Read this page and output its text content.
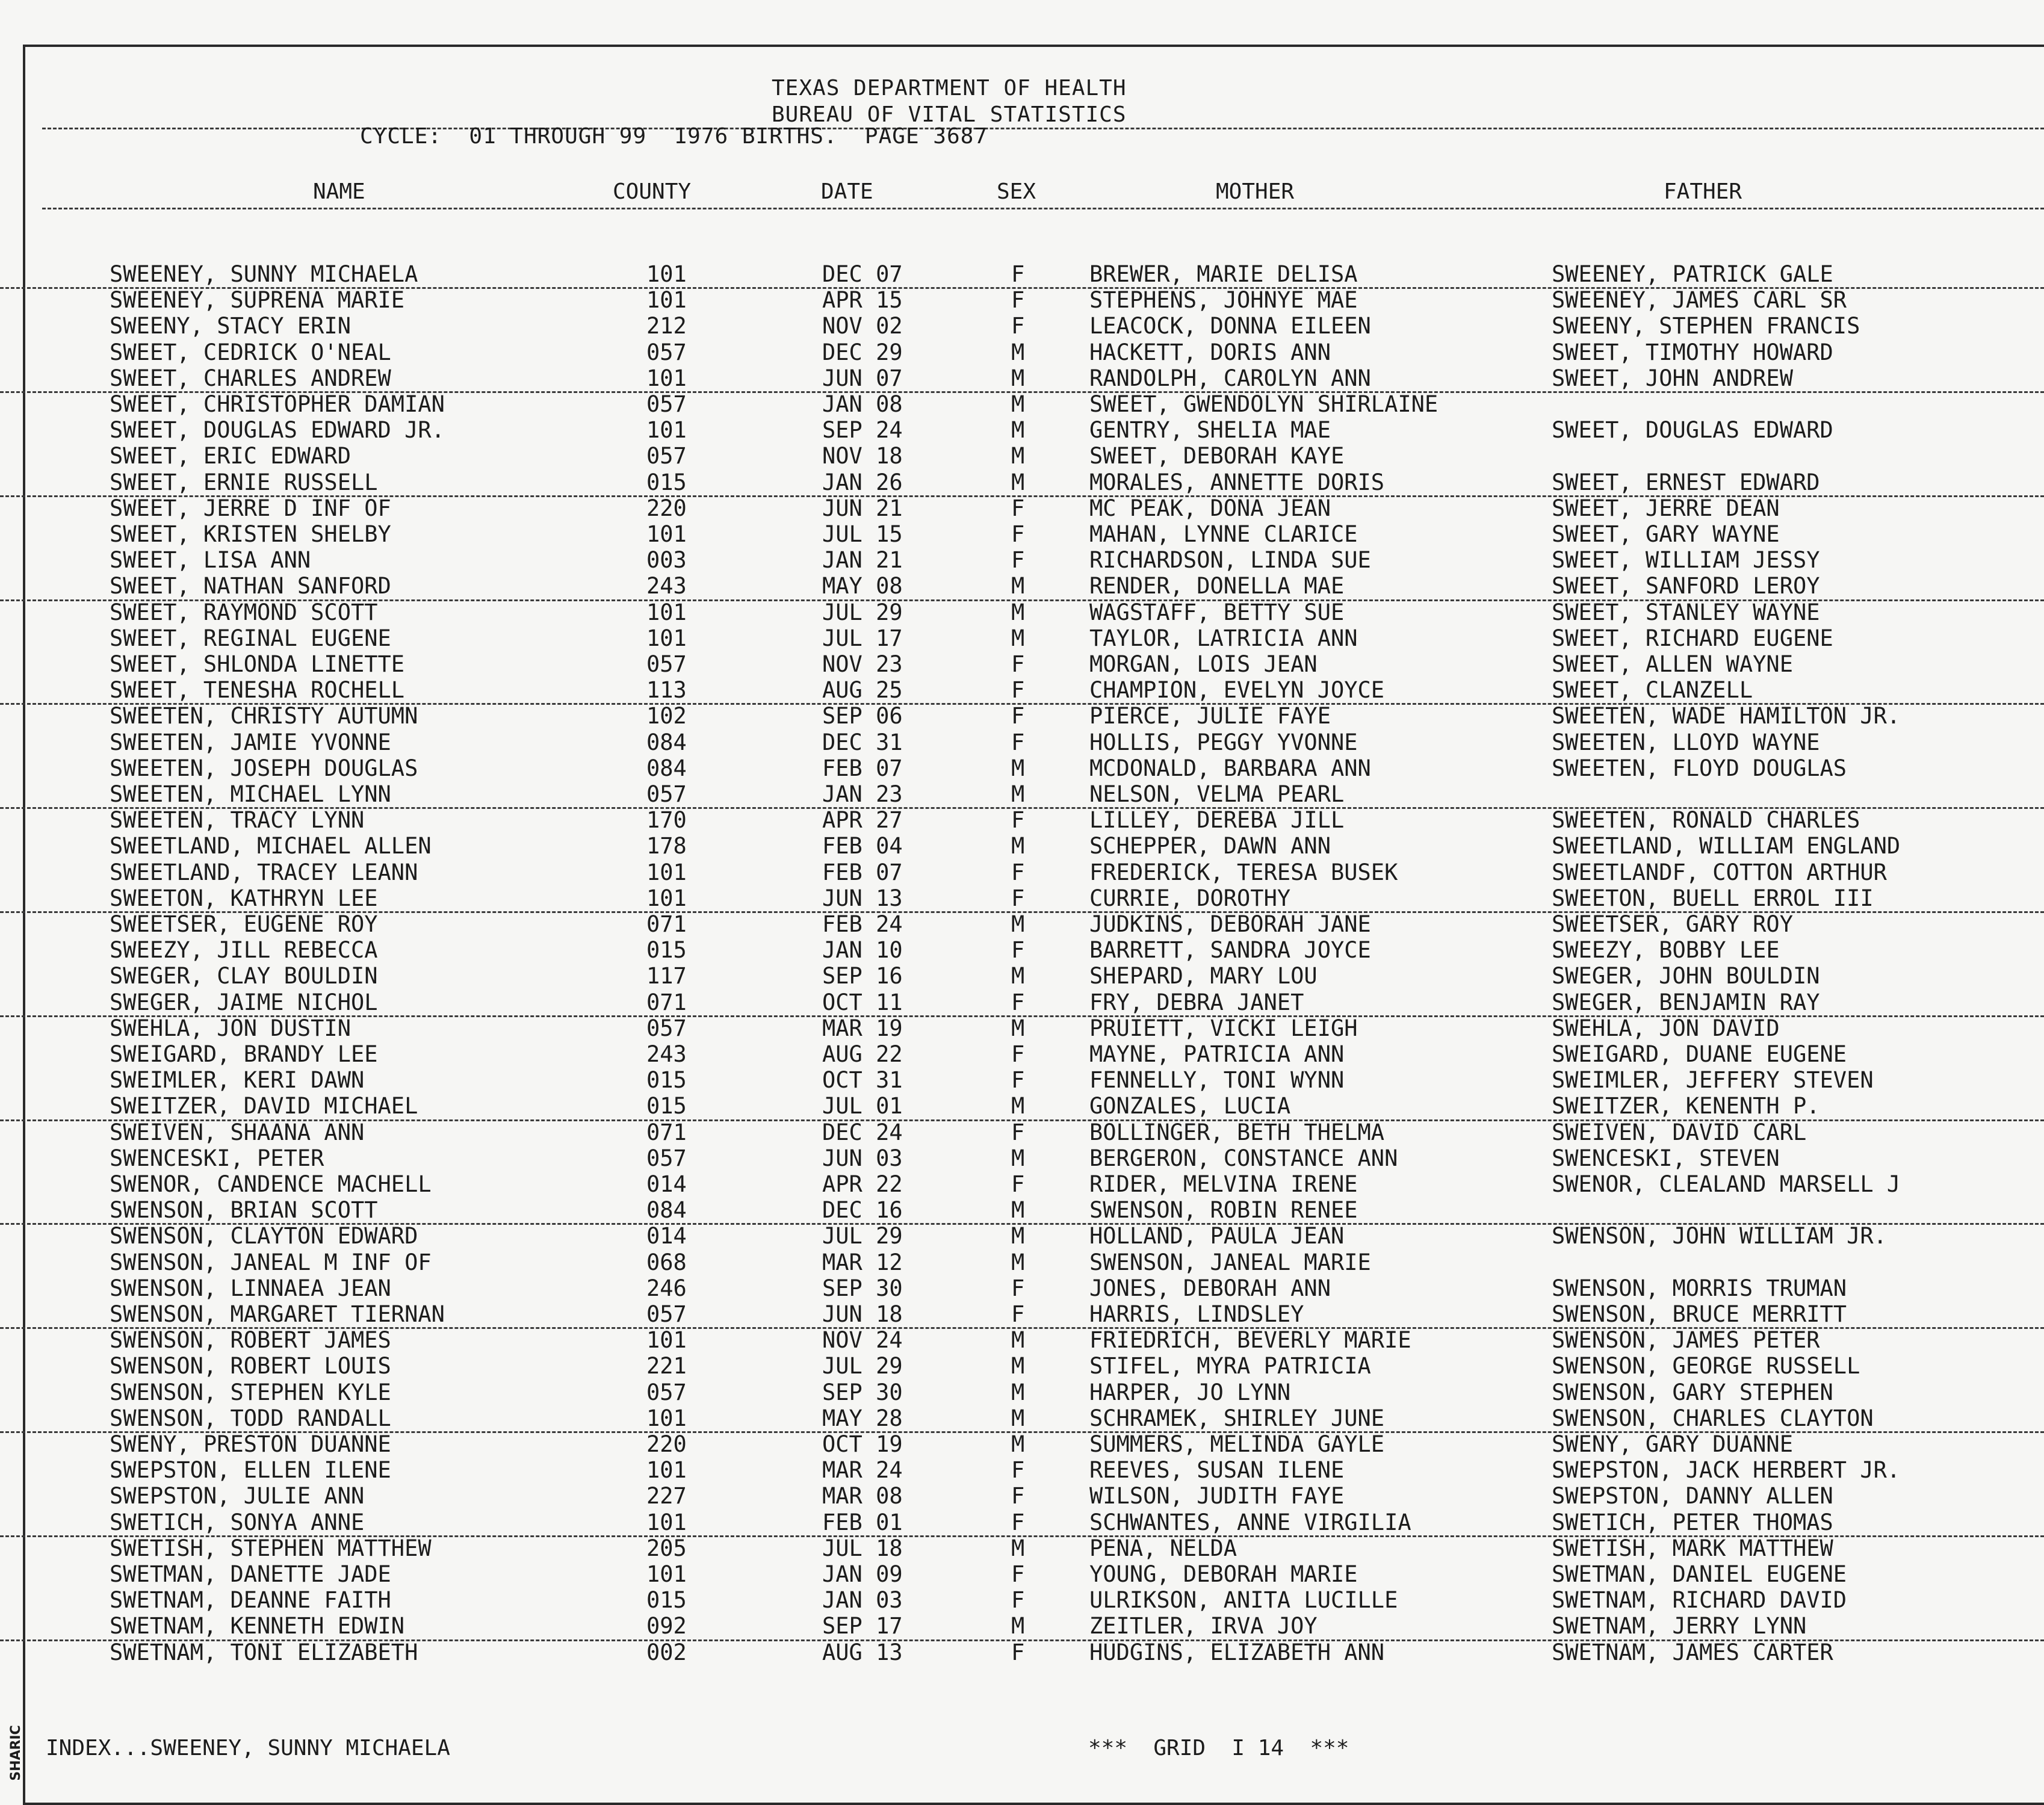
TEXAS DEPARTMENT OF HEALTH
BUREAU OF VITAL STATISTICS
CYCLE:  01 THROUGH 99  1976 BIRTHS.  PAGE 3687
NAME	COUNTY	DATE	SEX	MOTHER	FATHER
SWEENEY, SUNNY MICHAELA	101	DEC 07	F	BREWER, MARIE DELISA	SWEENEY, PATRICK GALE
SWEENEY, SUPRENA MARIE	101	APR 15	F	STEPHENS, JOHNYE MAE	SWEENEY, JAMES CARL SR
SWEENY, STACY ERIN	212	NOV 02	F	LEACOCK, DONNA EILEEN	SWEENY, STEPHEN FRANCIS
SWEET, CEDRICK O'NEAL	057	DEC 29	M	HACKETT, DORIS ANN	SWEET, TIMOTHY HOWARD
SWEET, CHARLES ANDREW	101	JUN 07	M	RANDOLPH, CAROLYN ANN	SWEET, JOHN ANDREW
SWEET, CHRISTOPHER DAMIAN	057	JAN 08	M	SWEET, GWENDOLYN SHIRLAINE
SWEET, DOUGLAS EDWARD JR.	101	SEP 24	M	GENTRY, SHELIA MAE	SWEET, DOUGLAS EDWARD
SWEET, ERIC EDWARD	057	NOV 18	M	SWEET, DEBORAH KAYE
SWEET, ERNIE RUSSELL	015	JAN 26	M	MORALES, ANNETTE DORIS	SWEET, ERNEST EDWARD
SWEET, JERRE D INF OF	220	JUN 21	F	MC PEAK, DONA JEAN	SWEET, JERRE DEAN
SWEET, KRISTEN SHELBY	101	JUL 15	F	MAHAN, LYNNE CLARICE	SWEET, GARY WAYNE
SWEET, LISA ANN	003	JAN 21	F	RICHARDSON, LINDA SUE	SWEET, WILLIAM JESSY
SWEET, NATHAN SANFORD	243	MAY 08	M	RENDER, DONELLA MAE	SWEET, SANFORD LEROY
SWEET, RAYMOND SCOTT	101	JUL 29	M	WAGSTAFF, BETTY SUE	SWEET, STANLEY WAYNE
SWEET, REGINAL EUGENE	101	JUL 17	M	TAYLOR, LATRICIA ANN	SWEET, RICHARD EUGENE
SWEET, SHLONDA LINETTE	057	NOV 23	F	MORGAN, LOIS JEAN	SWEET, ALLEN WAYNE
SWEET, TENESHA ROCHELL	113	AUG 25	F	CHAMPION, EVELYN JOYCE	SWEET, CLANZELL
SWEETEN, CHRISTY AUTUMN	102	SEP 06	F	PIERCE, JULIE FAYE	SWEETEN, WADE HAMILTON JR.
SWEETEN, JAMIE YVONNE	084	DEC 31	F	HOLLIS, PEGGY YVONNE	SWEETEN, LLOYD WAYNE
SWEETEN, JOSEPH DOUGLAS	084	FEB 07	M	MCDONALD, BARBARA ANN	SWEETEN, FLOYD DOUGLAS
SWEETEN, MICHAEL LYNN	057	JAN 23	M	NELSON, VELMA PEARL
SWEETEN, TRACY LYNN	170	APR 27	F	LILLEY, DEREBA JILL	SWEETEN, RONALD CHARLES
SWEETLAND, MICHAEL ALLEN	178	FEB 04	M	SCHEPPER, DAWN ANN	SWEETLAND, WILLIAM ENGLAND
SWEETLAND, TRACEY LEANN	101	FEB 07	F	FREDERICK, TERESA BUSEK	SWEETLANDF, COTTON ARTHUR
SWEETON, KATHRYN LEE	101	JUN 13	F	CURRIE, DOROTHY	SWEETON, BUELL ERROL III
SWEETSER, EUGENE ROY	071	FEB 24	M	JUDKINS, DEBORAH JANE	SWEETSER, GARY ROY
SWEEZY, JILL REBECCA	015	JAN 10	F	BARRETT, SANDRA JOYCE	SWEEZY, BOBBY LEE
SWEGER, CLAY BOULDIN	117	SEP 16	M	SHEPARD, MARY LOU	SWEGER, JOHN BOULDIN
SWEGER, JAIME NICHOL	071	OCT 11	F	FRY, DEBRA JANET	SWEGER, BENJAMIN RAY
SWEHLA, JON DUSTIN	057	MAR 19	M	PRUIETT, VICKI LEIGH	SWEHLA, JON DAVID
SWEIGARD, BRANDY LEE	243	AUG 22	F	MAYNE, PATRICIA ANN	SWEIGARD, DUANE EUGENE
SWEIMLER, KERI DAWN	015	OCT 31	F	FENNELLY, TONI WYNN	SWEIMLER, JEFFERY STEVEN
SWEITZER, DAVID MICHAEL	015	JUL 01	M	GONZALES, LUCIA	SWEITZER, KENENTH P.
SWEIVEN, SHAANA ANN	071	DEC 24	F	BOLLINGER, BETH THELMA	SWEIVEN, DAVID CARL
SWENCESKI, PETER	057	JUN 03	M	BERGERON, CONSTANCE ANN	SWENCESKI, STEVEN
SWENOR, CANDENCE MACHELL	014	APR 22	F	RIDER, MELVINA IRENE	SWENOR, CLEALAND MARSELL J
SWENSON, BRIAN SCOTT	084	DEC 16	M	SWENSON, ROBIN RENEE
SWENSON, CLAYTON EDWARD	014	JUL 29	M	HOLLAND, PAULA JEAN	SWENSON, JOHN WILLIAM JR.
SWENSON, JANEAL M INF OF	068	MAR 12	M	SWENSON, JANEAL MARIE
SWENSON, LINNAEA JEAN	246	SEP 30	F	JONES, DEBORAH ANN	SWENSON, MORRIS TRUMAN
SWENSON, MARGARET TIERNAN	057	JUN 18	F	HARRIS, LINDSLEY	SWENSON, BRUCE MERRITT
SWENSON, ROBERT JAMES	101	NOV 24	M	FRIEDRICH, BEVERLY MARIE	SWENSON, JAMES PETER
SWENSON, ROBERT LOUIS	221	JUL 29	M	STIFEL, MYRA PATRICIA	SWENSON, GEORGE RUSSELL
SWENSON, STEPHEN KYLE	057	SEP 30	M	HARPER, JO LYNN	SWENSON, GARY STEPHEN
SWENSON, TODD RANDALL	101	MAY 28	M	SCHRAMEK, SHIRLEY JUNE	SWENSON, CHARLES CLAYTON
SWENY, PRESTON DUANNE	220	OCT 19	M	SUMMERS, MELINDA GAYLE	SWENY, GARY DUANNE
SWEPSTON, ELLEN ILENE	101	MAR 24	F	REEVES, SUSAN ILENE	SWEPSTON, JACK HERBERT JR.
SWEPSTON, JULIE ANN	227	MAR 08	F	WILSON, JUDITH FAYE	SWEPSTON, DANNY ALLEN
SWETICH, SONYA ANNE	101	FEB 01	F	SCHWANTES, ANNE VIRGILIA	SWETICH, PETER THOMAS
SWETISH, STEPHEN MATTHEW	205	JUL 18	M	PENA, NELDA	SWETISH, MARK MATTHEW
SWETMAN, DANETTE JADE	101	JAN 09	F	YOUNG, DEBORAH MARIE	SWETMAN, DANIEL EUGENE
SWETNAM, DEANNE FAITH	015	JAN 03	F	ULRIKSON, ANITA LUCILLE	SWETNAM, RICHARD DAVID
SWETNAM, KENNETH EDWIN	092	SEP 17	M	ZEITLER, IRVA JOY	SWETNAM, JERRY LYNN
SWETNAM, TONI ELIZABETH	002	AUG 13	F	HUDGINS, ELIZABETH ANN	SWETNAM, JAMES CARTER
INDEX...SWEENEY, SUNNY MICHAELA	***  GRID  I 14  ***
SHARIC
